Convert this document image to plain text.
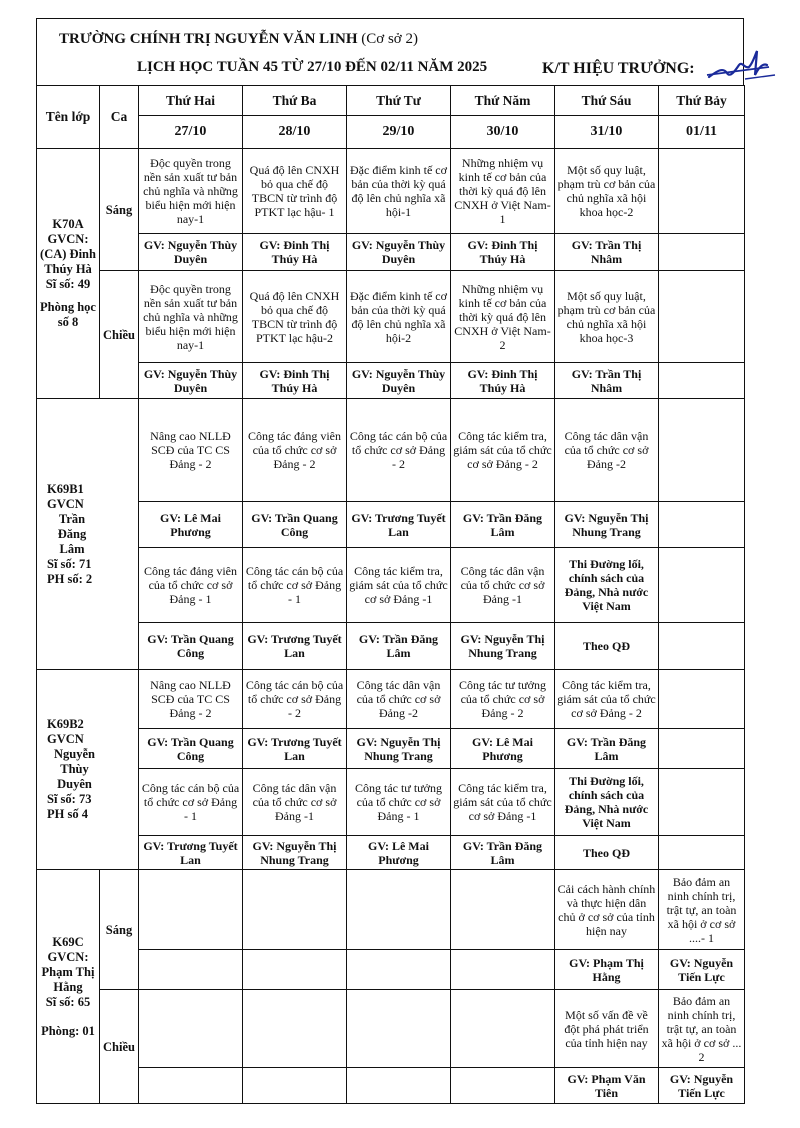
TRƯỜNG CHÍNH TRỊ NGUYỄN VĂN LINH (Cơ sở 2)
LỊCH HỌC TUẦN 45 TỪ 27/10 ĐẾN 02/11 NĂM 2025	K/T HIỆU TRƯỞNG:
Tên lớp	Ca	Thứ Hai	Thứ Ba	Thứ Tư	Thứ Năm	Thứ Sáu	Thứ Bảy
		27/10	28/10	29/10	30/10	31/10	01/11

K70A
GVCN:
(CA) Đinh Thúy Hà
Sĩ số: 49
Phòng học số 8	Sáng	Độc quyền trong nền sản xuất tư bản chủ nghĩa và những biểu hiện mới hiện nay-1	Quá độ lên CNXH bỏ qua chế độ TBCN từ trình độ PTKT lạc hậu- 1	Đặc điểm kinh tế cơ bản của thời kỳ quá độ lên chủ nghĩa xã hội-1	Những nhiệm vụ kinh tế cơ bản của thời kỳ quá độ lên CNXH ở Việt Nam-1	Một số quy luật, phạm trù cơ bản của chủ nghĩa xã hội khoa học-2	
		GV: Nguyễn Thùy Duyên	GV: Đinh Thị Thúy Hà	GV: Nguyễn Thùy Duyên	GV: Đinh Thị Thúy Hà	GV: Trần Thị Nhâm	
	Chiều	Độc quyền trong nền sản xuất tư bản chủ nghĩa và những biểu hiện mới hiện nay-1	Quá độ lên CNXH bỏ qua chế độ TBCN từ trình độ PTKT lạc hậu-2	Đặc điểm kinh tế cơ bản của thời kỳ quá độ lên chủ nghĩa xã hội-2	Những nhiệm vụ kinh tế cơ bản của thời kỳ quá độ lên CNXH ở Việt Nam-2	Một số quy luật, phạm trù cơ bản của chủ nghĩa xã hội khoa học-3	
		GV: Nguyễn Thùy Duyên	GV: Đinh Thị Thúy Hà	GV: Nguyễn Thùy Duyên	GV: Đinh Thị Thúy Hà	GV: Trần Thị Nhâm	

K69B1
GVCN
Trần Đăng Lâm
Sĩ số: 71
PH số: 2		Nâng cao NLLĐ SCĐ của TC CS Đảng - 2	Công tác đảng viên của tổ chức cơ sở Đảng - 2	Công tác cán bộ của tổ chức cơ sở Đảng - 2	Công tác kiểm tra, giám sát của tổ chức cơ sở Đảng - 2	Công tác dân vận của tổ chức cơ sở Đảng -2	
		GV: Lê Mai Phương	GV: Trần Quang Công	GV: Trương Tuyết Lan	GV: Trần Đăng Lâm	GV: Nguyễn Thị Nhung Trang	
		Công tác đảng viên của tổ chức cơ sở Đảng - 1	Công tác cán bộ của tổ chức cơ sở Đảng - 1	Công tác kiểm tra, giám sát của tổ chức cơ sở Đảng -1	Công tác dân vận của tổ chức cơ sở Đảng -1	Thi Đường lối, chính sách của Đảng, Nhà nước Việt Nam	
		GV: Trần Quang Công	GV: Trương Tuyết Lan	GV: Trần Đăng Lâm	GV: Nguyễn Thị Nhung Trang	Theo QĐ	

K69B2
GVCN
Nguyễn Thùy Duyên
Sĩ số: 73
PH số 4		Nâng cao NLLĐ SCĐ của TC CS Đảng - 2	Công tác cán bộ của tổ chức cơ sở Đảng - 2	Công tác dân vận của tổ chức cơ sở Đảng -2	Công tác tư tưởng của tổ chức cơ sở Đảng - 2	Công tác kiểm tra, giám sát của tổ chức cơ sở Đảng - 2	
		GV: Trần Quang Công	GV: Trương Tuyết Lan	GV: Nguyễn Thị Nhung Trang	GV: Lê Mai Phương	GV: Trần Đăng Lâm	
		Công tác cán bộ của tổ chức cơ sở Đảng - 1	Công tác dân vận của tổ chức cơ sở Đảng -1	Công tác tư tưởng của tổ chức cơ sở Đảng - 1	Công tác kiểm tra, giám sát của tổ chức cơ sở Đảng -1	Thi Đường lối, chính sách của Đảng, Nhà nước Việt Nam	
		GV: Trương Tuyết Lan	GV: Nguyễn Thị Nhung Trang	GV: Lê Mai Phương	GV: Trần Đăng Lâm	Theo QĐ	

K69C
GVCN:
Phạm Thị Hằng
Sĩ số: 65
Phòng: 01	Sáng					Cải cách hành chính và thực hiện dân chủ ở cơ sở của tỉnh hiện nay	Bảo đảm an ninh chính trị, trật tự, an toàn xã hội ở cơ sở ....- 1
						GV: Phạm Thị Hằng	GV: Nguyễn Tiến Lực
	Chiều					Một số vấn đề về đột phá phát triển của tỉnh hiện nay	Bảo đảm an ninh chính trị, trật tự, an toàn xã hội ở cơ sở ... 2
						GV: Phạm Văn Tiên	GV: Nguyễn Tiến Lực
